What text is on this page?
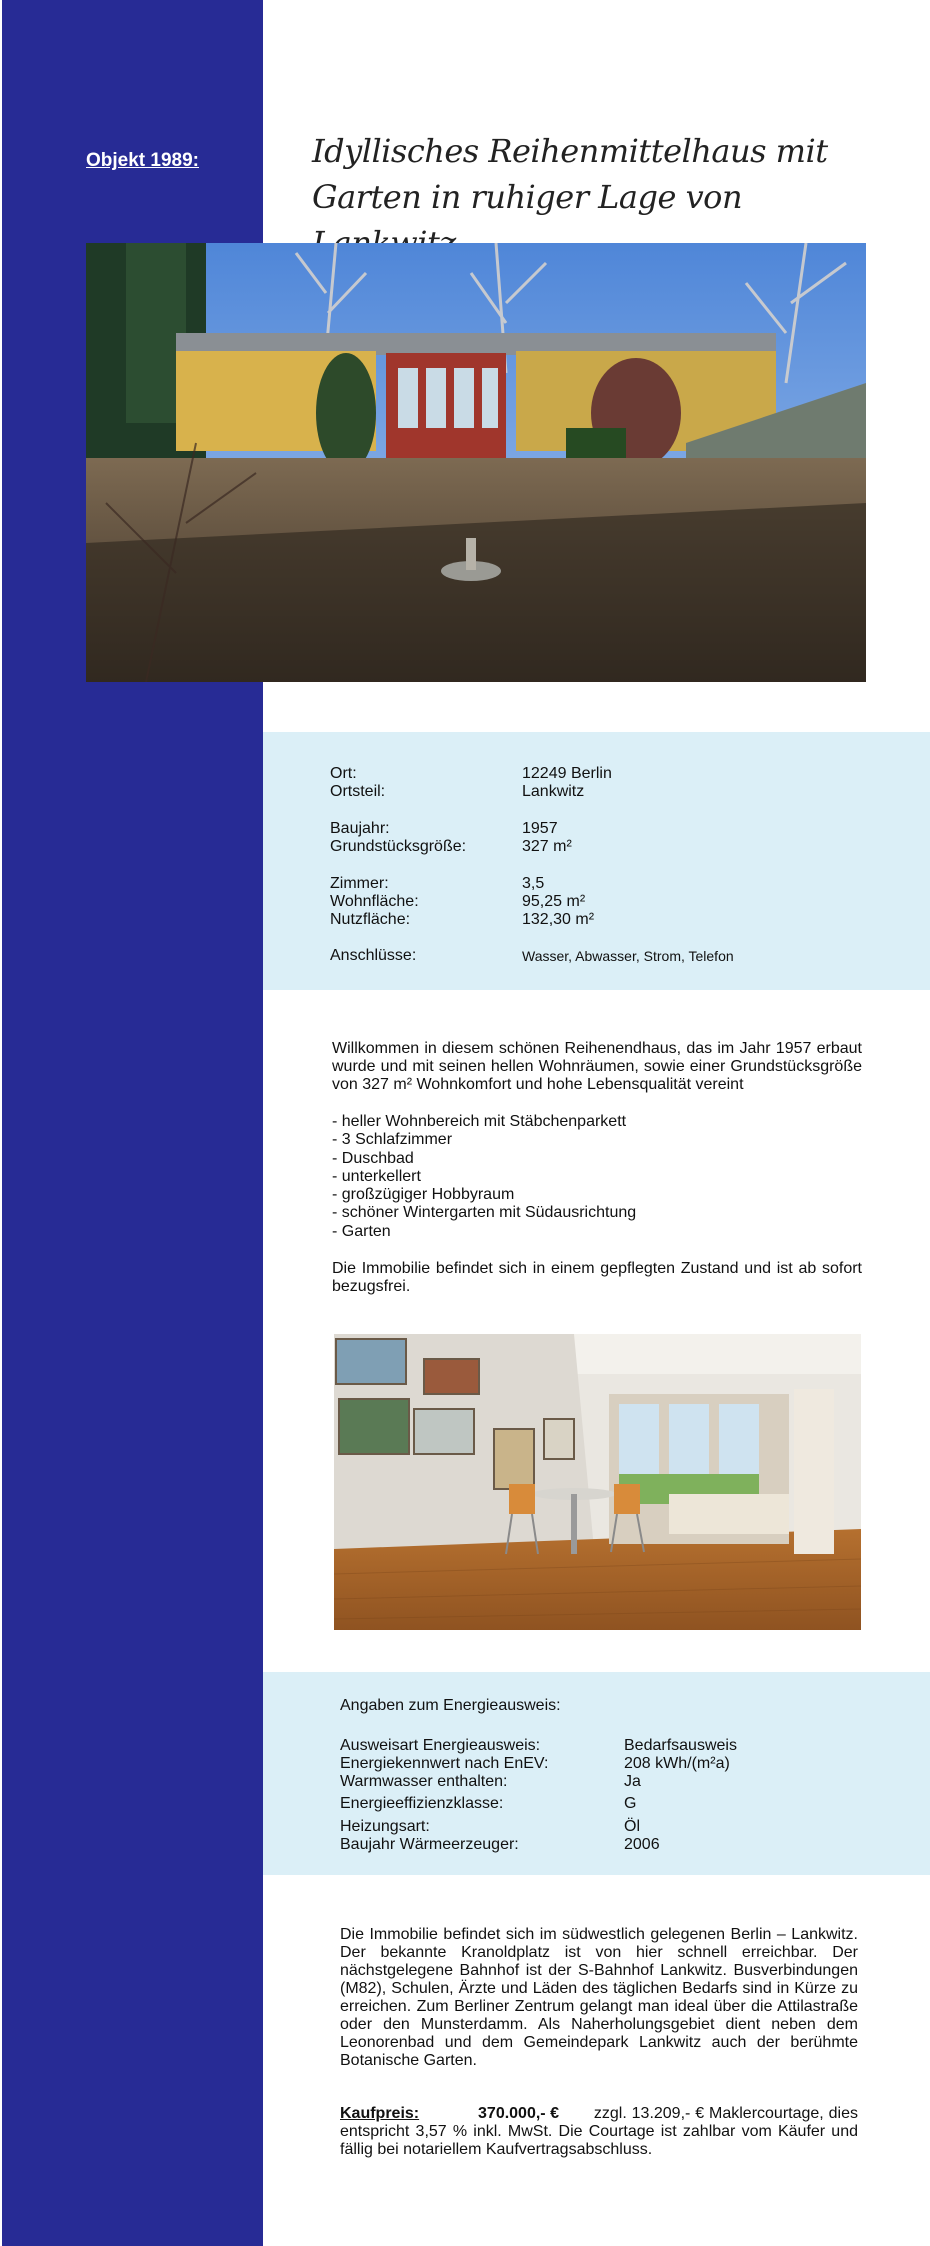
Objekt 1989:	Idyllisches Reihenmittelhaus mit Garten in ruhiger Lage von
Ort:	12249 Berlin
Ortsteil:	Lankwitz
Baujahr:	1957
Grundstücksgröße:	327 m²
Zimmer:	3,5
Wohnfläche:	95,25 m²
Nutzfläche:	132,30 m²
Anschlüsse:	Wasser, Abwasser, Strom, Telefon
Willkommen in diesem schönen Reihenendhaus, das im Jahr 1957 erbaut wurde und mit seinen hellen Wohnräumen, sowie einer Grundstücksgröße von 327 m² Wohnkomfort und hohe Lebensqualität vereint
- heller Wohnbereich mit Stäbchenparkett
- 3 Schlafzimmer
- Duschbad
- unterkellert
- großzügiger Hobbyraum
- schöner Wintergarten mit Südausrichtung
- Garten
Die Immobilie befindet sich in einem gepflegten Zustand und ist ab sofort bezugsfrei.
Angaben zum Energieausweis:
Ausweisart Energieausweis:	Bedarfsausweis
Energiekennwert nach EnEV:	208 kWh/(m²a)
Warmwasser enthalten:	Ja
Energieeffizienzklasse:	G
Heizungsart:	Öl
Baujahr Wärmeerzeuger:	2006
Die Immobilie befindet sich im südwestlich gelegenen Berlin – Lankwitz. Der bekannte Kranoldplatz ist von hier schnell erreichbar. Der nächstgelegene Bahnhof ist der S-Bahnhof Lankwitz. Busverbindungen (M82), Schulen, Ärzte und Läden des täglichen Bedarfs sind in Kürze zu erreichen. Zum Berliner Zentrum gelangt man ideal über die Attilastraße oder den Munsterdamm. Als Naherholungsgebiet dient neben dem Leonorenbad und dem Gemeindepark Lankwitz auch der berühmte Botanische Garten.
Kaufpreis:	370.000,- € zzgl. 13.209,- € Maklercourtage, dies entspricht 3,57 % inkl. MwSt. Die Courtage ist zahlbar vom Käufer und fällig bei notariellem Kaufvertragsabschluss.
